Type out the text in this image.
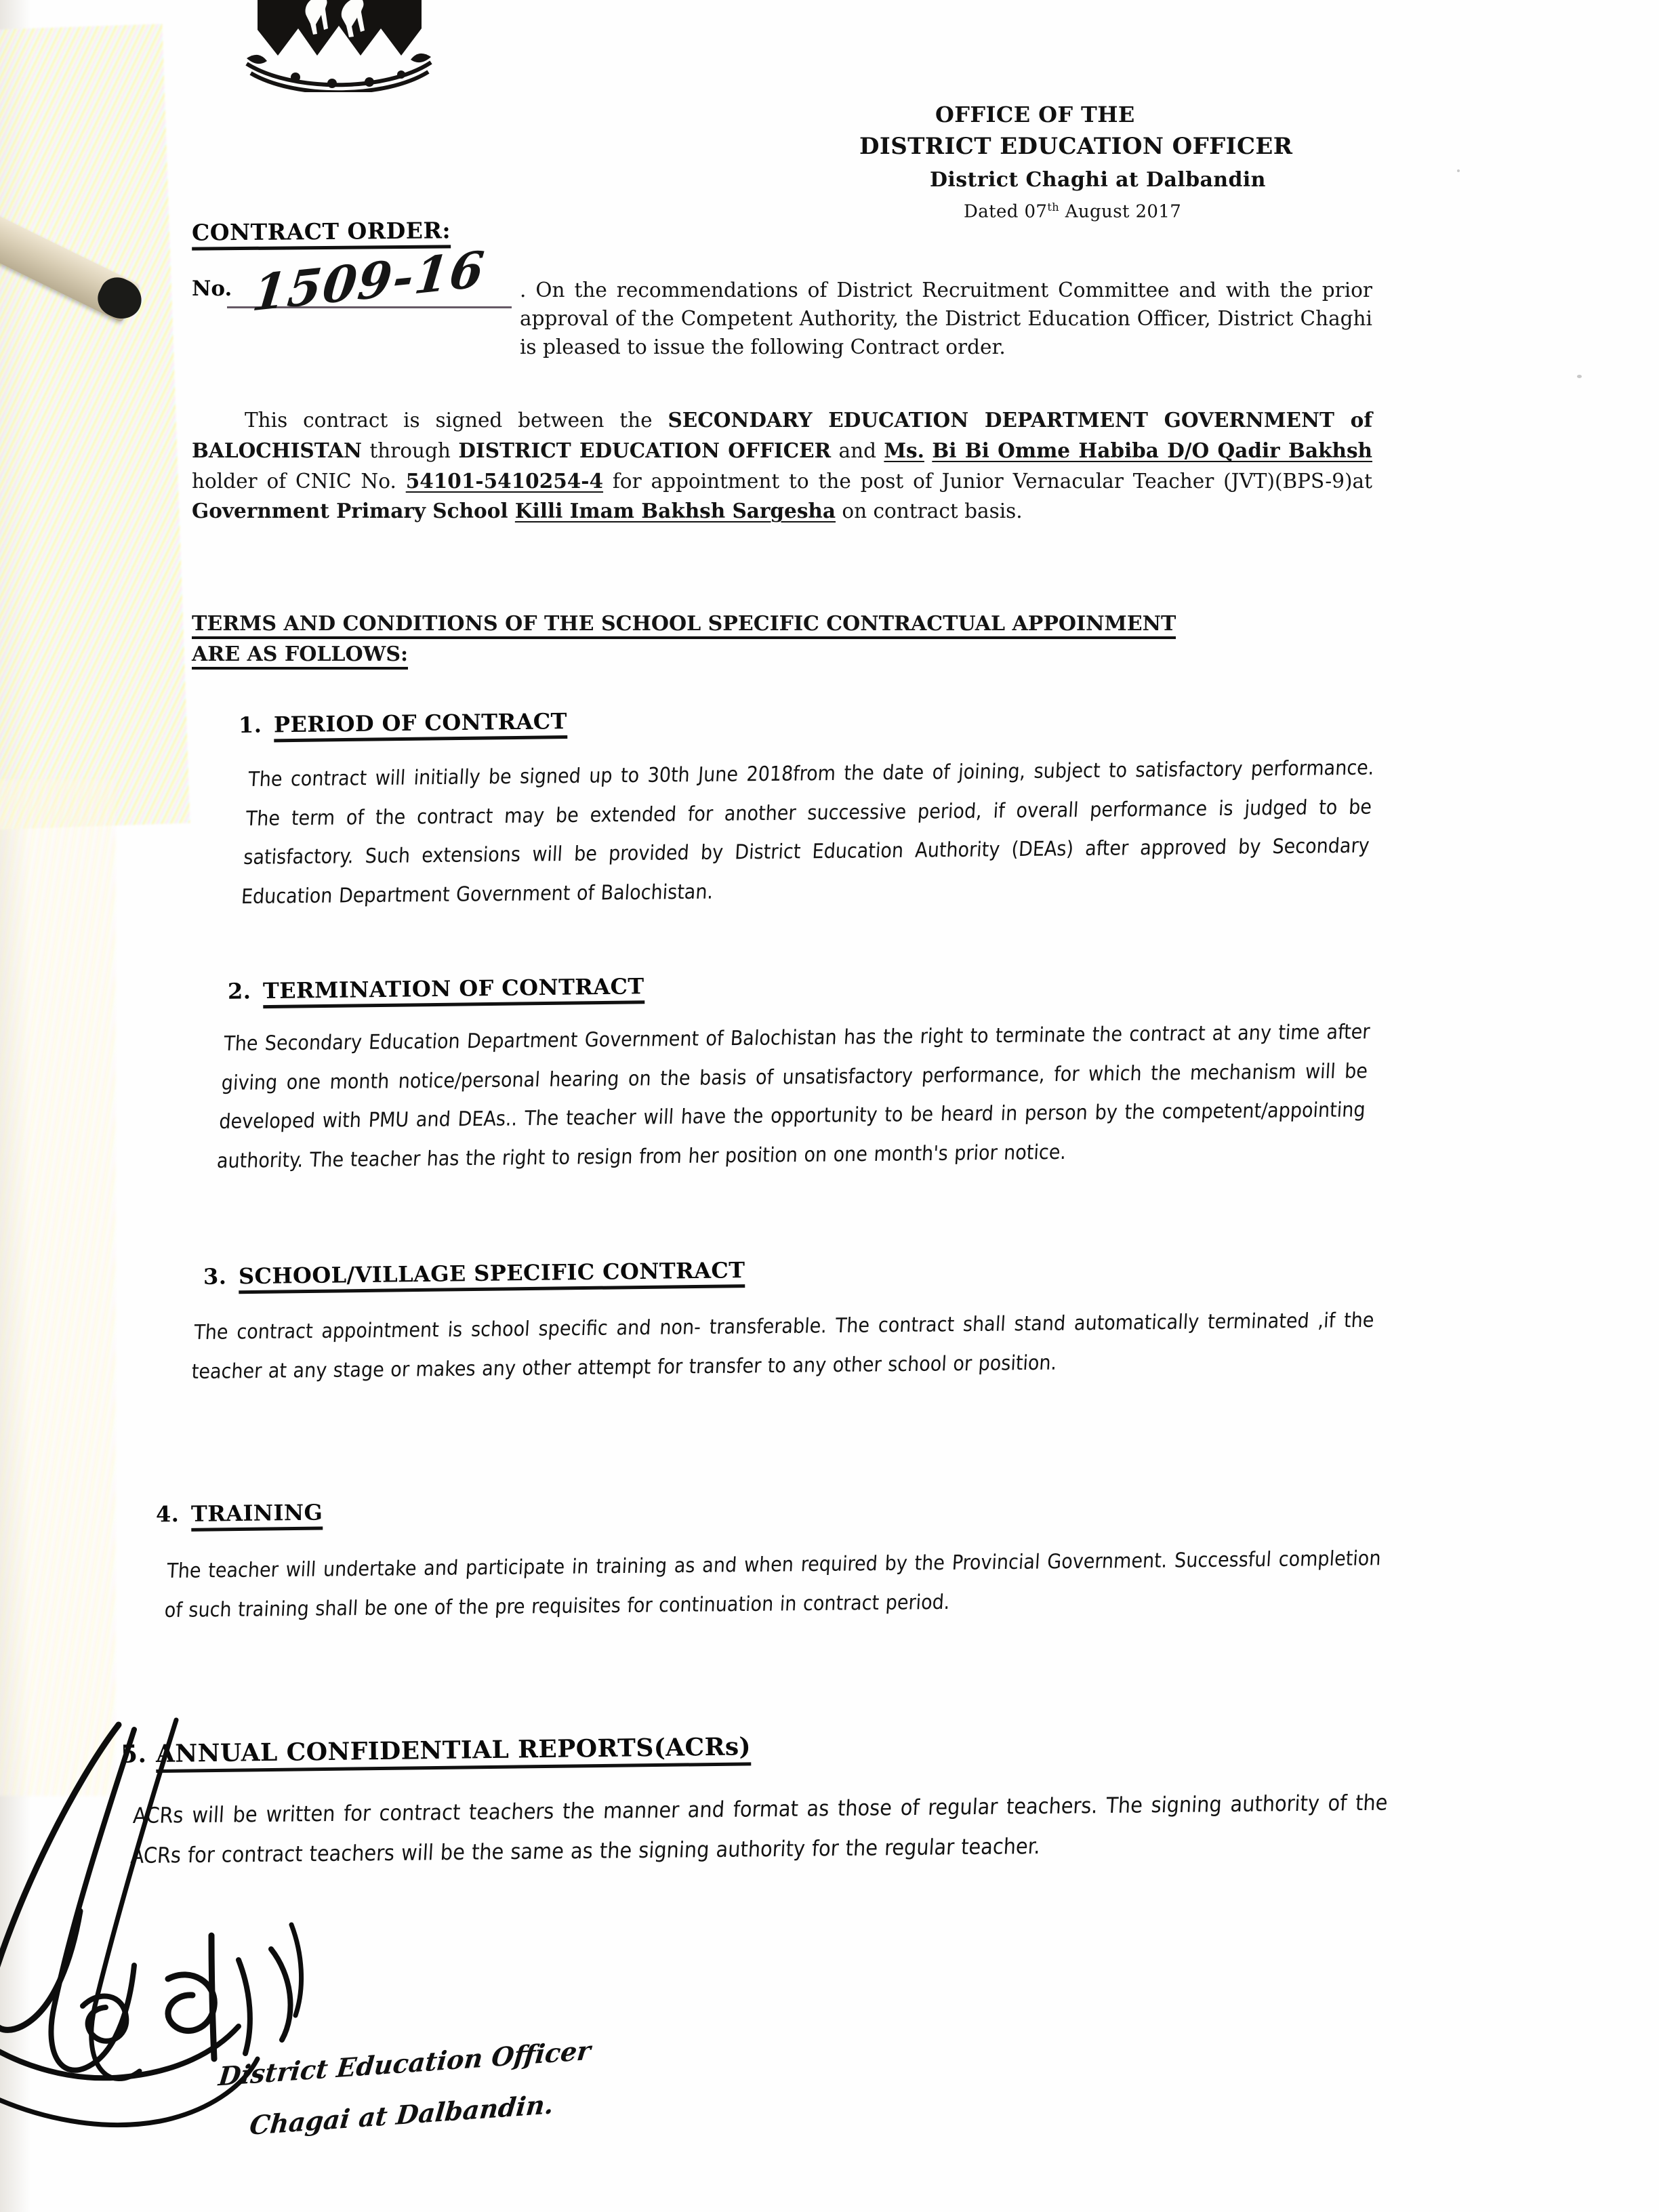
OFFICE OF THE
DISTRICT EDUCATION OFFICER
District Chaghi at Dalbandin
Dated 07th August 2017
CONTRACT ORDER:
No. 1509-16 . On the recommendations of District Recruitment Committee and with the prior approval of the Competent Authority, the District Education Officer, District Chaghi is pleased to issue the following Contract order.
This contract is signed between the SECONDARY EDUCATION DEPARTMENT GOVERNMENT of BALOCHISTAN through DISTRICT EDUCATION OFFICER and Ms. Bi Bi Omme Habiba D/O Qadir Bakhsh holder of CNIC No. 54101-5410254-4 for appointment to the post of Junior Vernacular Teacher (JVT)(BPS-9)at Government Primary School Killi Imam Bakhsh Sargesha on contract basis.
TERMS AND CONDITIONS OF THE SCHOOL SPECIFIC CONTRACTUAL APPOINMENT
ARE AS FOLLOWS:
1. PERIOD OF CONTRACT
The contract will initially be signed up to 30th June 2018from the date of joining, subject to satisfactory performance. The term of the contract may be extended for another successive period, if overall performance is judged to be satisfactory. Such extensions will be provided by District Education Authority (DEAs) after approved by Secondary Education Department Government of Balochistan.
2. TERMINATION OF CONTRACT
The Secondary Education Department Government of Balochistan has the right to terminate the contract at any time after giving one month notice/personal hearing on the basis of unsatisfactory performance, for which the mechanism will be developed with PMU and DEAs.. The teacher will have the opportunity to be heard in person by the competent/appointing authority. The teacher has the right to resign from her position on one month's prior notice.
3. SCHOOL/VILLAGE SPECIFIC CONTRACT
The contract appointment is school specific and non- transferable. The contract shall stand automatically terminated ,if the teacher at any stage or makes any other attempt for transfer to any other school or position.
4. TRAINING
The teacher will undertake and participate in training as and when required by the Provincial Government. Successful completion of such training shall be one of the pre requisites for continuation in contract period.
5. ANNUAL CONFIDENTIAL REPORTS(ACRs)
ACRs will be written for contract teachers the manner and format as those of regular teachers. The signing authority of the ACRs for contract teachers will be the same as the signing authority for the regular teacher.
District Education Officer
Chagai at Dalbandin.
